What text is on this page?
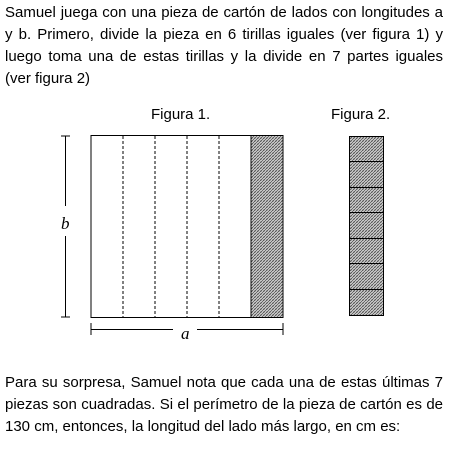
Samuel juega con una pieza de cartón de lados con longitudes a y b. Primero, divide la pieza en 6 tirillas iguales (ver figura 1) y luego toma una de estas tirillas y la divide en 7 partes iguales (ver figura 2)

Figura 1.	Figura 2.
b
a

Para su sorpresa, Samuel nota que cada una de estas últimas 7 piezas son cuadradas. Si el perímetro de la pieza de cartón es de 130 cm, entonces, la longitud del lado más largo, en cm es:
